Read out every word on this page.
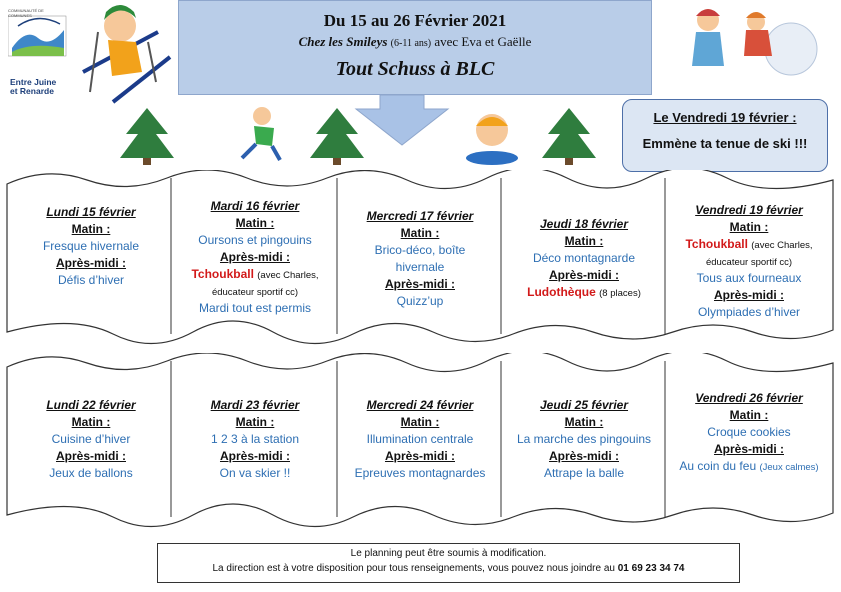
COMMUNAUTÉ DE COMMUNES
Entre Juine
et Renarde
Du 15 au 26 Février 2021
Chez les Smileys (6-11 ans) avec Eva et Gaëlle
Tout Schuss à BLC
Le Vendredi 19 février :
Emmène ta tenue de ski !!!
Lundi 15 février
Matin :
Fresque hivernale
Après-midi :
Défis d’hiver
Mardi 16 février
Matin :
Oursons et pingouins
Après-midi :
Tchoukball (avec Charles, éducateur sportif cc)
Mardi tout est permis
Mercredi 17 février
Matin :
Brico-déco, boîte hivernale
Après-midi :
Quizz’up
Jeudi 18 février
Matin :
Déco montagnarde
Après-midi :
Ludothèque (8 places)
Vendredi 19 février
Matin :
Tchoukball (avec Charles, éducateur sportif cc)
Tous aux fourneaux
Après-midi :
Olympiades d’hiver
Lundi 22 février
Matin :
Cuisine d’hiver
Après-midi :
Jeux de ballons
Mardi 23 février
Matin :
1 2 3 à la station
Après-midi :
On va skier !!
Mercredi 24 février
Matin :
Illumination centrale
Après-midi :
Epreuves montagnardes
Jeudi 25 février
Matin :
La marche des pingouins
Après-midi :
Attrape la balle
Vendredi 26 février
Matin :
Croque cookies
Après-midi :
Au coin du feu (Jeux calmes)
Le planning peut être soumis à modification.
La direction est à votre disposition pour tous renseignements, vous pouvez nous joindre au 01 69 23 34 74
